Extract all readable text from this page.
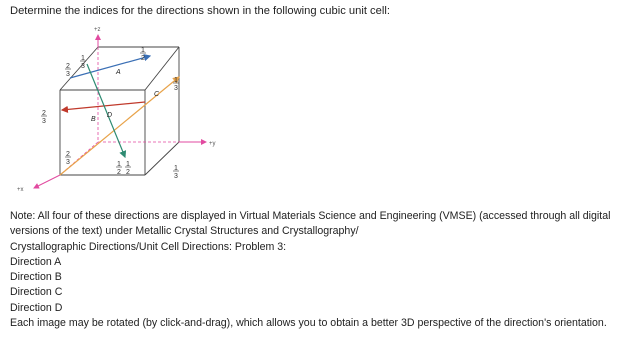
Determine the indices for the directions shown in the following cubic unit cell:
+z
+y
+x
A
B
C
D
2
3
1
3
1
2
1
3
2
3
2
3	1
2
1
2
1
3
Note: All four of these directions are displayed in Virtual Materials Science and Engineering (VMSE) (accessed through all digital versions of the text) under Metallic Crystal Structures and Crystallography/
Crystallographic Directions/Unit Cell Directions: Problem 3:
Direction A
Direction B
Direction C
Direction D
Each image may be rotated (by click-and-drag), which allows you to obtain a better 3D perspective of the direction's orientation.
